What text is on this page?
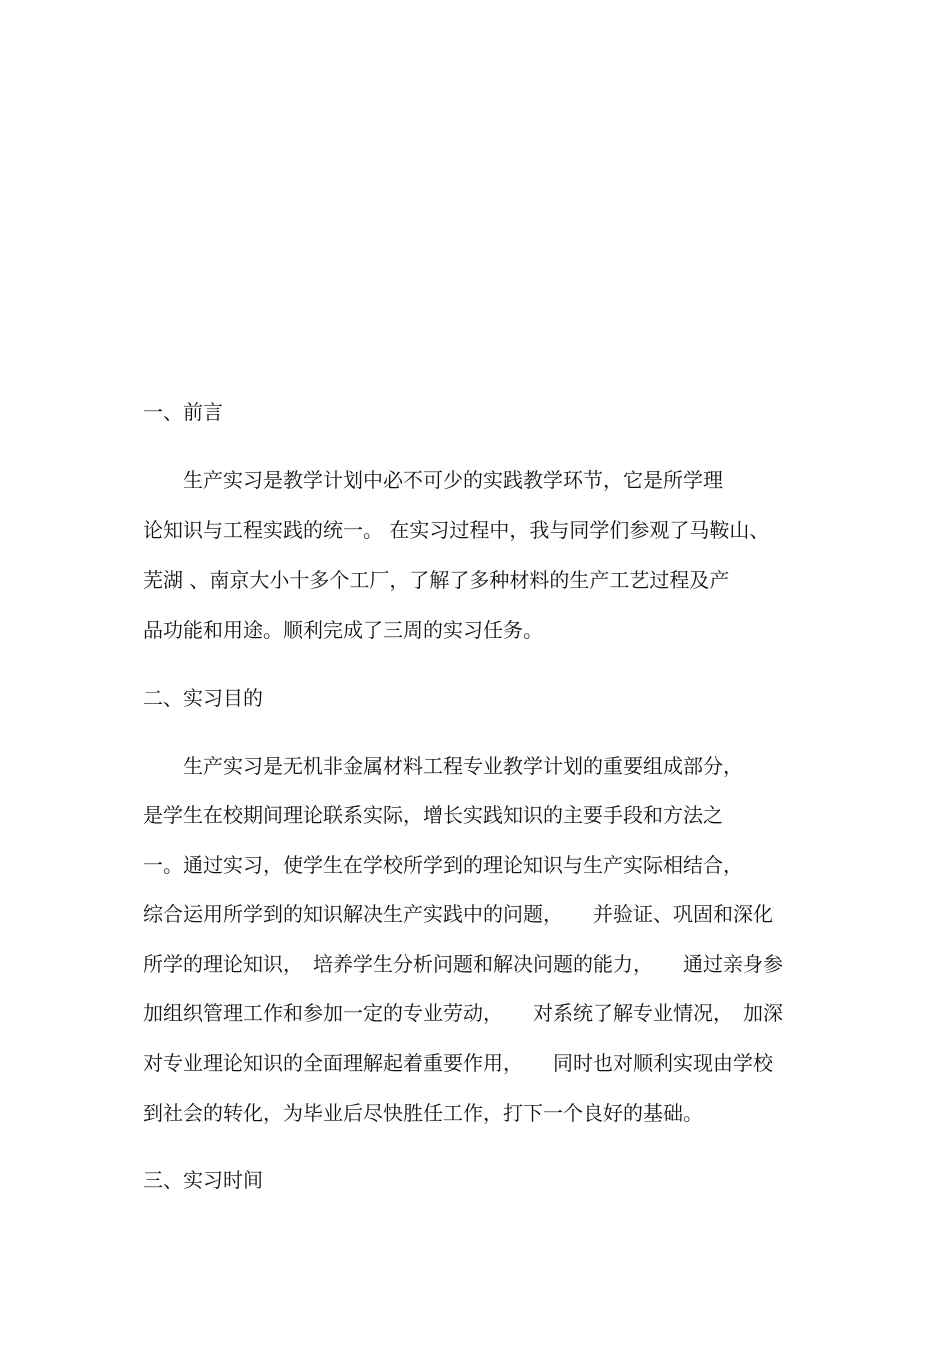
一、前言
　　生产实习是教学计划中必不可少的实践教学环节，它是所学理
论知识与工程实践的统一。 在实习过程中，我与同学们参观了马鞍山、
芜湖 、南京大小十多个工厂，了解了多种材料的生产工艺过程及产
品功能和用途。顺利完成了三周的实习任务。
二、实习目的
　　生产实习是无机非金属材料工程专业教学计划的重要组成部分，
是学生在校期间理论联系实际，增长实践知识的主要手段和方法之
一。通过实习，使学生在学校所学到的理论知识与生产实际相结合，
综合运用所学到的知识解决生产实践中的问题，　　并验证、巩固和深化
所学的理论知识，　培养学生分析问题和解决问题的能力，　　通过亲身参
加组织管理工作和参加一定的专业劳动，　　对系统了解专业情况，　加深
对专业理论知识的全面理解起着重要作用，　　同时也对顺利实现由学校
到社会的转化，为毕业后尽快胜任工作，打下一个良好的基础。
三、实习时间
